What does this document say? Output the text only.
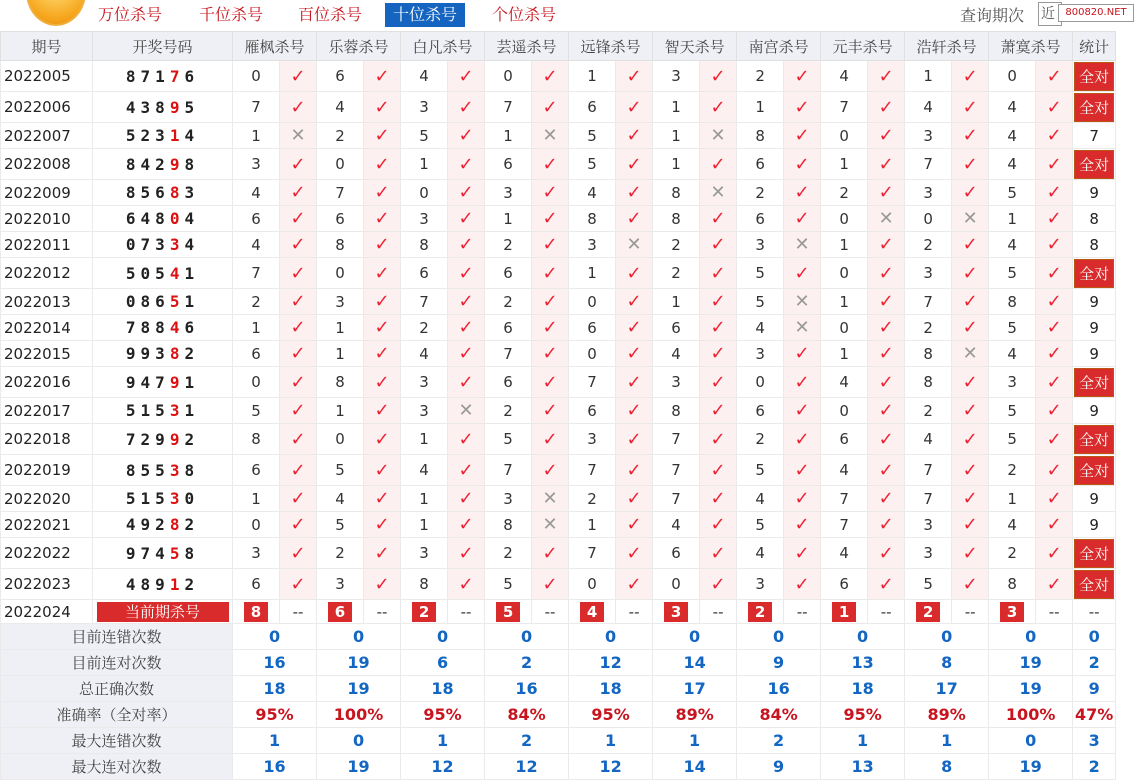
万位杀号	千位杀号	百位杀号	十位杀号	个位杀号	查询期次 近	800820.NET
期号	开奖号码	雁枫杀号		乐蓉杀号		白凡杀号		芸遥杀号		远锋杀号		智天杀号		南宫杀号		元丰杀号		浩轩杀号		萧寞杀号		统计
2022005	87176	0	✓	6	✓	4	✓	0	✓	1	✓	3	✓	2	✓	4	✓	1	✓	0	✓	全对
2022006	43895	7	✓	4	✓	3	✓	7	✓	6	✓	1	✓	1	✓	7	✓	4	✓	4	✓	全对
2022007	52314	1	✕	2	✓	5	✓	1	✕	5	✓	1	✕	8	✓	0	✓	3	✓	4	✓	7
2022008	84298	3	✓	0	✓	1	✓	6	✓	5	✓	1	✓	6	✓	1	✓	7	✓	4	✓	全对
2022009	85683	4	✓	7	✓	0	✓	3	✓	4	✓	8	✕	2	✓	2	✓	3	✓	5	✓	9
2022010	64804	6	✓	6	✓	3	✓	1	✓	8	✓	8	✓	6	✓	0	✕	0	✕	1	✓	8
2022011	07334	4	✓	8	✓	8	✓	2	✓	3	✕	2	✓	3	✕	1	✓	2	✓	4	✓	8
2022012	50541	7	✓	0	✓	6	✓	6	✓	1	✓	2	✓	5	✓	0	✓	3	✓	5	✓	全对
2022013	08651	2	✓	3	✓	7	✓	2	✓	0	✓	1	✓	5	✕	1	✓	7	✓	8	✓	9
2022014	78846	1	✓	1	✓	2	✓	6	✓	6	✓	6	✓	4	✕	0	✓	2	✓	5	✓	9
2022015	99382	6	✓	1	✓	4	✓	7	✓	0	✓	4	✓	3	✓	1	✓	8	✕	4	✓	9
2022016	94791	0	✓	8	✓	3	✓	6	✓	7	✓	3	✓	0	✓	4	✓	8	✓	3	✓	全对
2022017	51531	5	✓	1	✓	3	✕	2	✓	6	✓	8	✓	6	✓	0	✓	2	✓	5	✓	9
2022018	72992	8	✓	0	✓	1	✓	5	✓	3	✓	7	✓	2	✓	6	✓	4	✓	5	✓	全对
2022019	85538	6	✓	5	✓	4	✓	7	✓	7	✓	7	✓	5	✓	4	✓	7	✓	2	✓	全对
2022020	51530	1	✓	4	✓	1	✓	3	✕	2	✓	7	✓	4	✓	7	✓	7	✓	1	✓	9
2022021	49282	0	✓	5	✓	1	✓	8	✕	1	✓	4	✓	5	✓	7	✓	3	✓	4	✓	9
2022022	97458	3	✓	2	✓	3	✓	2	✓	7	✓	6	✓	4	✓	4	✓	3	✓	2	✓	全对
2022023	48912	6	✓	3	✓	8	✓	5	✓	0	✓	0	✓	3	✓	6	✓	5	✓	8	✓	全对
2022024	当前期杀号	8	--	6	--	2	--	5	--	4	--	3	--	2	--	1	--	2	--	3	--	--
目前连错次数		0		0		0		0		0		0		0		0		0		0		0
目前连对次数		16		19		6		2		12		14		9		13		8		19		2
总正确次数		18		19		18		16		18		17		16		18		17		19		9
准确率（全对率）		95%		100%		95%		84%		95%		89%		84%		95%		89%		100%		47%
最大连错次数		1		0		1		2		1		1		2		1		1		0		3
最大连对次数		16		19		12		12		12		14		9		13		8		19		2
